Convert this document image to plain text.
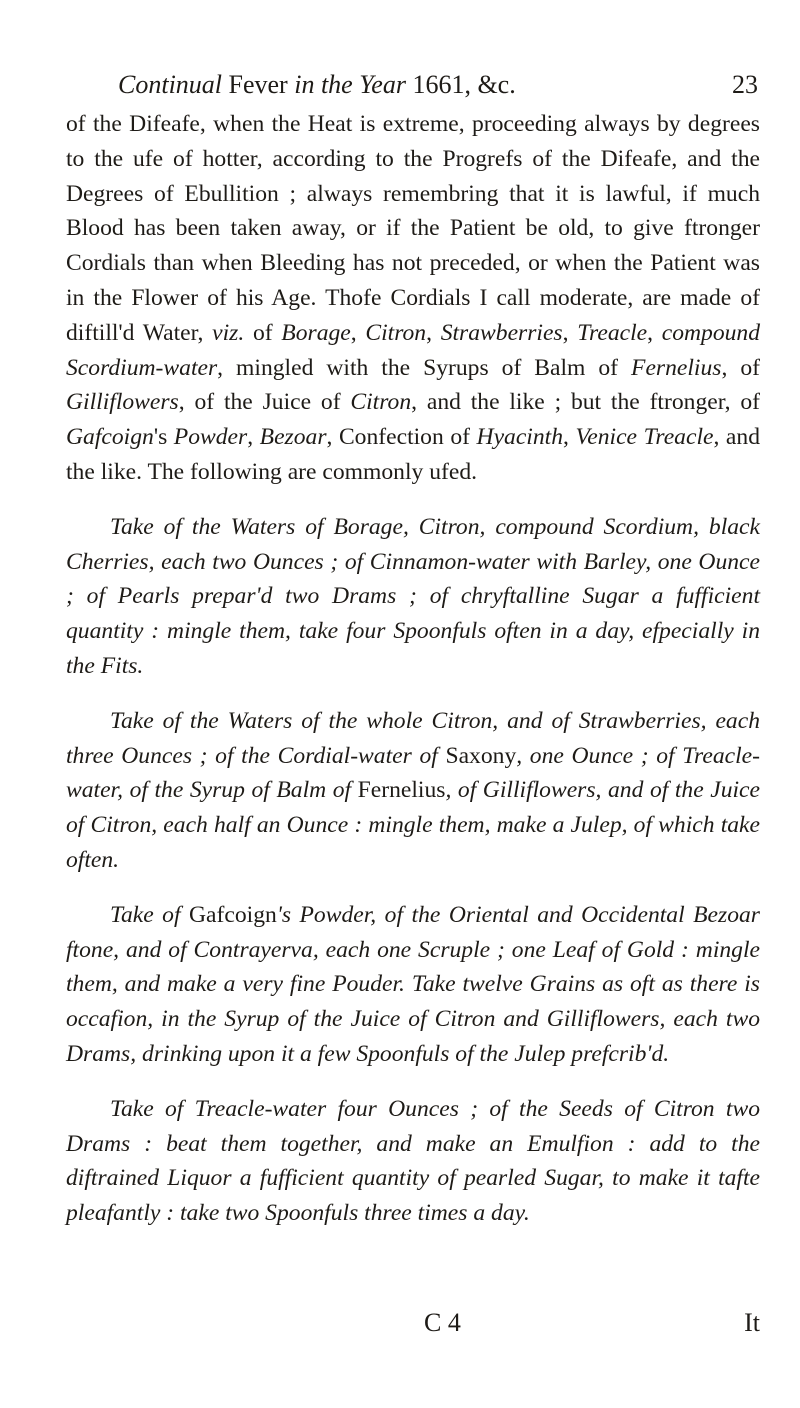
Continual Fever in the Year 1661, &c.	23

of the Difeafe, when the Heat is extreme, proceeding always by degrees to the ufe of hotter, according to the Progrefs of the Difeafe, and the Degrees of Ebullition ; always remembring that it is lawful, if much Blood has been taken away, or if the Patient be old, to give ftronger Cordials than when Bleeding has not preceded, or when the Patient was in the Flower of his Age. Thofe Cordials I call moderate, are made of diftill'd Water, viz. of Borage, Citron, Strawberries, Treacle, compound Scordium-water, mingled with the Syrups of Balm of Fernelius, of Gilliflowers, of the Juice of Citron, and the like ; but the ftronger, of Gafcoign's Powder, Bezoar, Confection of Hyacinth, Venice Treacle, and the like. The following are commonly ufed.

Take of the Waters of Borage, Citron, compound Scordium, black Cherries, each two Ounces ; of Cinnamon-water with Barley, one Ounce ; of Pearls prepar'd two Drams ; of chryftalline Sugar a fufficient quantity : mingle them, take four Spoonfuls often in a day, efpecially in the Fits.

Take of the Waters of the whole Citron, and of Strawberries, each three Ounces ; of the Cordial-water of Saxony, one Ounce ; of Treacle-water, of the Syrup of Balm of Fernelius, of Gilliflowers, and of the Juice of Citron, each half an Ounce : mingle them, make a Julep, of which take often.

Take of Gafcoign's Powder, of the Oriental and Occidental Bezoar ftone, and of Contrayerva, each one Scruple ; one Leaf of Gold : mingle them, and make a very fine Pouder. Take twelve Grains as oft as there is occafion, in the Syrup of the Juice of Citron and Gilliflowers, each two Drams, drinking upon it a few Spoonfuls of the Julep prefcrib'd.

Take of Treacle-water four Ounces ; of the Seeds of Citron two Drams : beat them together, and make an Emulfion : add to the diftrained Liquor a fufficient quantity of pearled Sugar, to make it tafte pleafantly : take two Spoonfuls three times a day.

C 4	It
